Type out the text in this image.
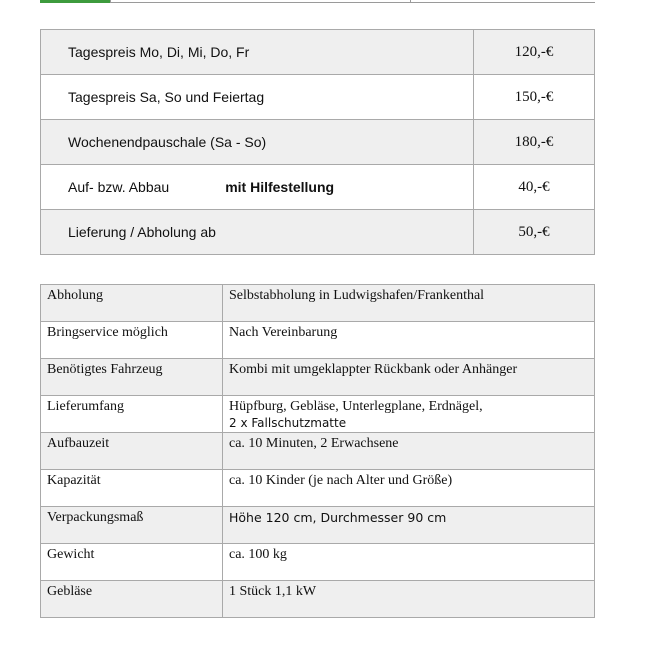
Tagespreis Mo, Di, Mi, Do, Fr	120,-€
Tagespreis Sa, So und Feiertag	150,-€
Wochenendpauschale (Sa - So)	180,-€
Auf- bzw. Abbau mit Hilfestellung	40,-€
Lieferung / Abholung ab	50,-€
Abholung	Selbstabholung in Ludwigshafen/Frankenthal
Bringservice möglich	Nach Vereinbarung
Benötigtes Fahrzeug	Kombi mit umgeklappter Rückbank oder Anhänger
Lieferumfang	Hüpfburg, Gebläse, Unterlegplane, Erdnägel,
2 x Fallschutzmatte

Aufbauzeit	ca. 10 Minuten, 2 Erwachsene
Kapazität	ca. 10 Kinder (je nach Alter und Größe)
Verpackungsmaß	Höhe 120 cm, Durchmesser 90 cm
Gewicht	ca. 100 kg
Gebläse	1 Stück 1,1 kW
